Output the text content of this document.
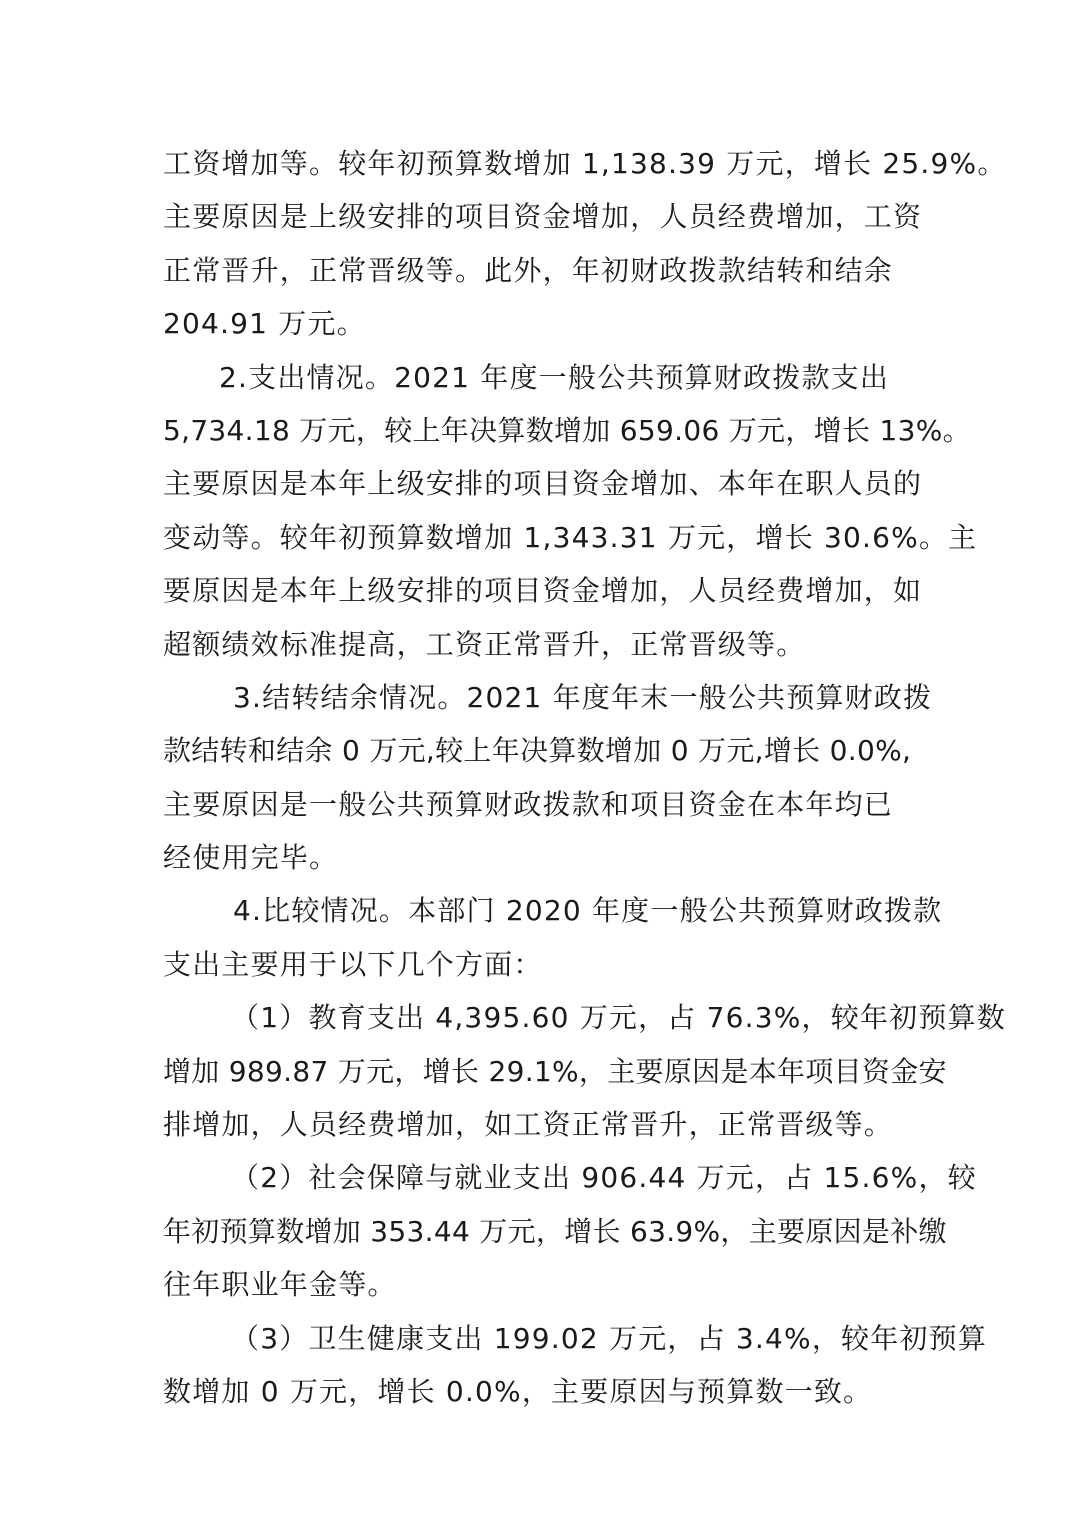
工资增加等。较年初预算数增加 1,138.39 万元，增长 25.9%。
主要原因是上级安排的项目资金增加，人员经费增加，工资
正常晋升，正常晋级等。此外，年初财政拨款结转和结余
204.91 万元。
2.支出情况。2021 年度一般公共预算财政拨款支出
5,734.18 万元，较上年决算数增加 659.06 万元，增长 13%。
主要原因是本年上级安排的项目资金增加、本年在职人员的
变动等。较年初预算数增加 1,343.31 万元，增长 30.6%。主
要原因是本年上级安排的项目资金增加，人员经费增加，如
超额绩效标准提高，工资正常晋升，正常晋级等。
3.结转结余情况。2021 年度年末一般公共预算财政拨
款结转和结余 0 万元,较上年决算数增加 0 万元,增长 0.0%,
主要原因是一般公共预算财政拨款和项目资金在本年均已
经使用完毕。
4.比较情况。本部门 2020 年度一般公共预算财政拨款
支出主要用于以下几个方面：
（1）教育支出 4,395.60 万元，占 76.3%，较年初预算数
增加 989.87 万元，增长 29.1%，主要原因是本年项目资金安
排增加，人员经费增加，如工资正常晋升，正常晋级等。
（2）社会保障与就业支出 906.44 万元，占 15.6%，较
年初预算数增加 353.44 万元，增长 63.9%，主要原因是补缴
往年职业年金等。
（3）卫生健康支出 199.02 万元，占 3.4%，较年初预算
数增加 0 万元，增长 0.0%，主要原因与预算数一致。
